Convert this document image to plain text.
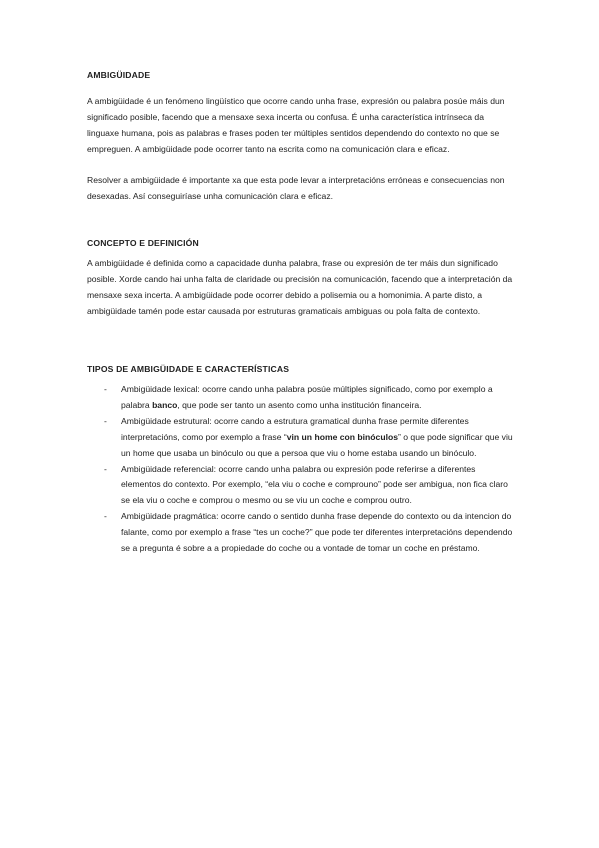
AMBIGÜIDADE

A ambigüidade é un fenómeno lingüístico que ocorre cando unha frase, expresión ou palabra posúe máis dun significado posible, facendo que a mensaxe sexa incerta ou confusa. É unha característica intrínseca da linguaxe humana, pois as palabras e frases poden ter múltiples sentidos dependendo do contexto no que se empreguen. A ambigüidade pode ocorrer tanto na escrita como na comunicación clara e eficaz.

Resolver a ambigüidade é importante xa que esta pode levar a interpretacións erróneas e consecuencias non desexadas. Así conseguiríase unha comunicación clara e eficaz.

CONCEPTO E DEFINICIÓN

A ambigüidade é definida como a capacidade dunha palabra, frase ou expresión de ter máis dun significado posible. Xorde cando hai unha falta de claridade ou precisión na comunicación, facendo que a interpretación da mensaxe sexa incerta. A ambigüidade pode ocorrer debido a polisemia ou a homonimia. A parte disto, a ambigüidade tamén pode estar causada por estruturas gramaticais ambiguas ou pola falta de contexto.

TIPOS DE AMBIGÜIDADE E CARACTERÍSTICAS
- Ambigüidade lexical: ocorre cando unha palabra posúe múltiples significado, como por exemplo a palabra banco, que pode ser tanto un asento como unha institución financeira.
- Ambigüidade estrutural: ocorre cando a estrutura gramatical dunha frase permite diferentes interpretacións, como por exemplo a frase “vin un home con binóculos” o que pode significar que viu un home que usaba un binóculo ou que a persoa que viu o home estaba usando un binóculo.
- Ambigüidade referencial: ocorre cando unha palabra ou expresión pode referirse a diferentes elementos do contexto. Por exemplo, “ela viu o coche e comprouno” pode ser ambigua, non fica claro se ela viu o coche e comprou o mesmo ou se viu un coche e comprou outro.
- Ambigüidade pragmática: ocorre cando o sentido dunha frase depende do contexto ou da intencion do falante, como por exemplo a frase “tes un coche?” que pode ter diferentes interpretacións dependendo se a pregunta é sobre a a propiedade do coche ou a vontade de tomar un coche en préstamo.
